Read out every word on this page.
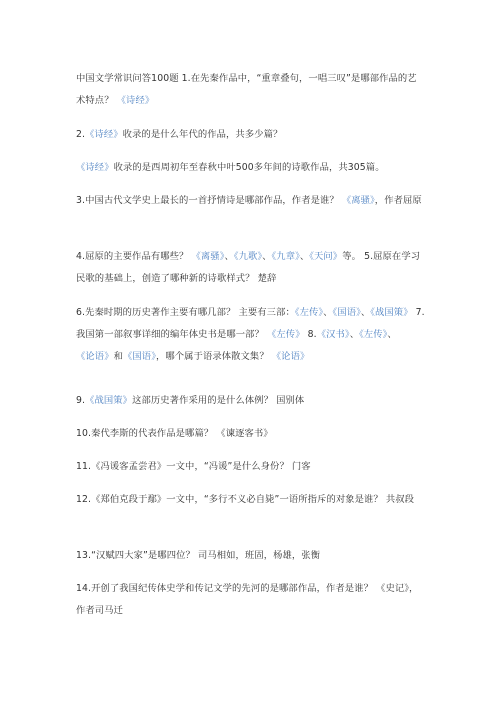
中国文学常识问答100题 1.在先秦作品中，“重章叠句，一唱三叹”是哪部作品的艺术特点？ 《诗经》

2.《诗经》收录的是什么年代的作品，共多少篇？

《诗经》收录的是西周初年至春秋中叶500多年间的诗歌作品，共305篇。

3.中国古代文学史上最长的一首抒情诗是哪部作品，作者是谁？ 《离骚》，作者屈原

4.屈原的主要作品有哪些？ 《离骚》、《九歌》、《九章》、《天问》等。 5.屈原在学习民歌的基础上，创造了哪种新的诗歌样式？ 楚辞

6.先秦时期的历史著作主要有哪几部？ 主要有三部：《左传》、《国语》、《战国策》 7.我国第一部叙事详细的编年体史书是哪一部？ 《左传》 8.《汉书》、《左传》、《论语》和《国语》，哪个属于语录体散文集？ 《论语》

9.《战国策》这部历史著作采用的是什么体例？ 国别体

10.秦代李斯的代表作品是哪篇？ 《谏逐客书》

11.《冯谖客孟尝君》一文中，“冯谖”是什么身份？ 门客

12.《郑伯克段于鄢》一文中，“多行不义必自毙”一语所指斥的对象是谁？ 共叔段

13.“汉赋四大家”是哪四位？ 司马相如，班固，杨雄，张衡

14.开创了我国纪传体史学和传记文学的先河的是哪部作品，作者是谁？ 《史记》，作者司马迁
